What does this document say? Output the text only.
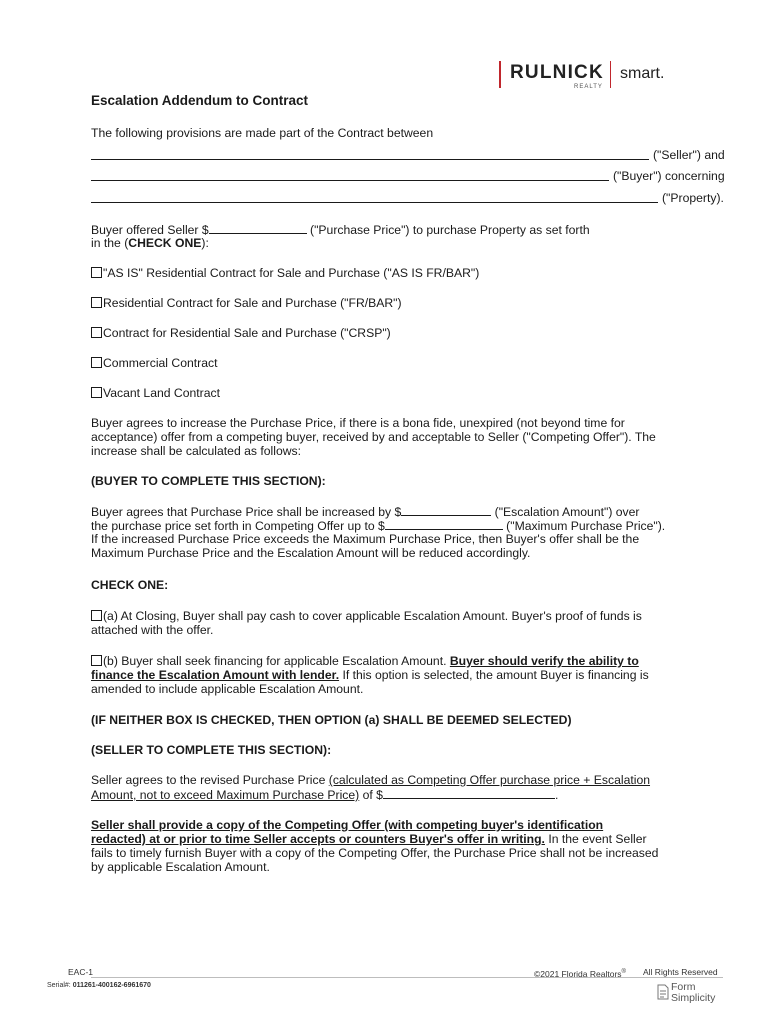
RULNICK
REALTY
smart.
Escalation Addendum to Contract
The following provisions are made part of the Contract between
("Seller") and
("Buyer") concerning
("Property).
Buyer offered Seller $	("Purchase Price") to purchase Property as set forth
in the (CHECK ONE):
"AS IS" Residential Contract for Sale and Purchase ("AS IS FR/BAR")
Residential Contract for Sale and Purchase ("FR/BAR")
Contract for Residential Sale and Purchase ("CRSP")
Commercial Contract
Vacant Land Contract
Buyer agrees to increase the Purchase Price, if there is a bona fide, unexpired (not beyond time for
acceptance) offer from a competing buyer, received by and acceptable to Seller ("Competing Offer"). The
increase shall be calculated as follows:
(BUYER TO COMPLETE THIS SECTION):
Buyer agrees that Purchase Price shall be increased by $	("Escalation Amount") over
the purchase price set forth in Competing Offer up to $	("Maximum Purchase Price").
If the increased Purchase Price exceeds the Maximum Purchase Price, then Buyer's offer shall be the
Maximum Purchase Price and the Escalation Amount will be reduced accordingly.
CHECK ONE:
(a) At Closing, Buyer shall pay cash to cover applicable Escalation Amount. Buyer's proof of funds is
attached with the offer.
(b) Buyer shall seek financing for applicable Escalation Amount. Buyer should verify the ability to
finance the Escalation Amount with lender. If this option is selected, the amount Buyer is financing is
amended to include applicable Escalation Amount.
(IF NEITHER BOX IS CHECKED, THEN OPTION (a) SHALL BE DEEMED SELECTED)
(SELLER TO COMPLETE THIS SECTION):
Seller agrees to the revised Purchase Price (calculated as Competing Offer purchase price + Escalation
Amount, not to exceed Maximum Purchase Price) of $	.
Seller shall provide a copy of the Competing Offer (with competing buyer's identification
redacted) at or prior to time Seller accepts or counters Buyer's offer in writing. In the event Seller
fails to timely furnish Buyer with a copy of the Competing Offer, the Purchase Price shall not be increased
by applicable Escalation Amount.
EAC-1	©2021 Florida Realtors® All Rights Reserved
Serial#: 011261-400162-6961670	Form
Simplicity
